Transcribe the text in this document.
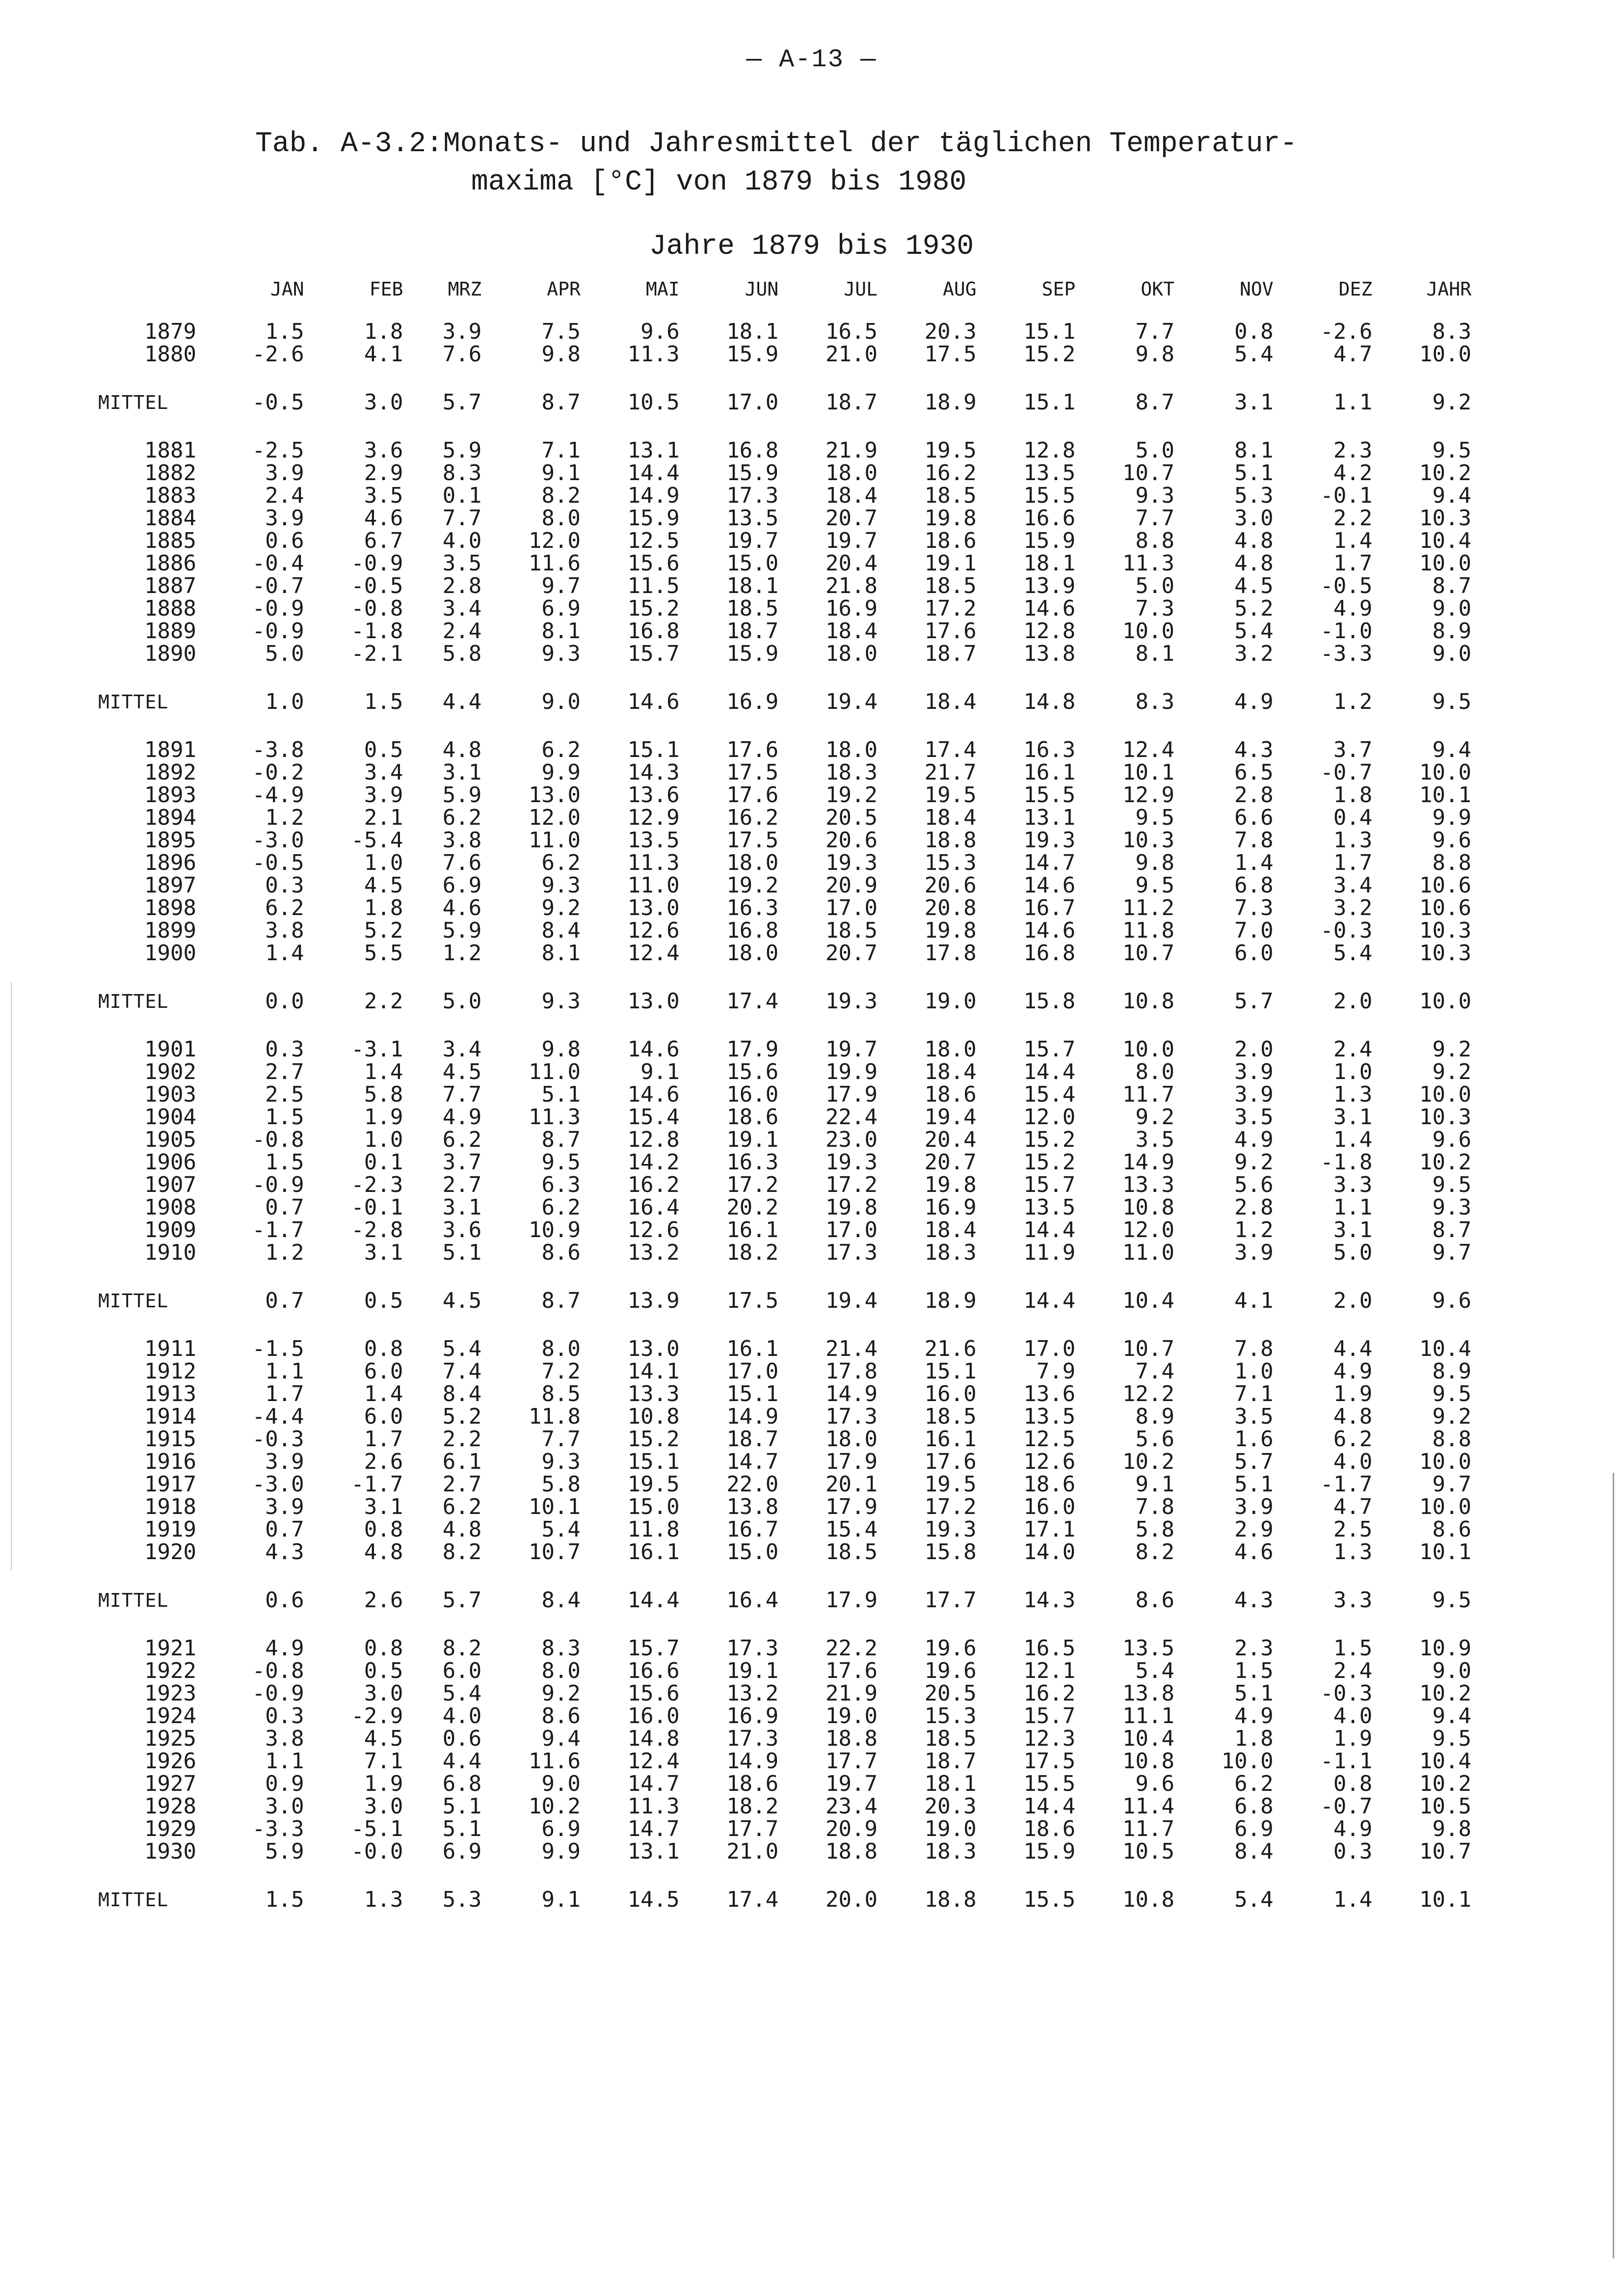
— A-13 —
Tab. A-3.2:Monats- und Jahresmittel der täglichen Temperatur-
maxima [°C] von 1879 bis 1980
Jahre 1879 bis 1930
	JAN	FEB	MRZ	APR	MAI	JUN	JUL	AUG	SEP	OKT	NOV	DEZ	JAHR
1879	1.5	1.8	3.9	7.5	9.6	18.1	16.5	20.3	15.1	7.7	0.8	-2.6	8.3
1880	-2.6	4.1	7.6	9.8	11.3	15.9	21.0	17.5	15.2	9.8	5.4	4.7	10.0

MITTEL	-0.5	3.0	5.7	8.7	10.5	17.0	18.7	18.9	15.1	8.7	3.1	1.1	9.2

1881	-2.5	3.6	5.9	7.1	13.1	16.8	21.9	19.5	12.8	5.0	8.1	2.3	9.5
1882	3.9	2.9	8.3	9.1	14.4	15.9	18.0	16.2	13.5	10.7	5.1	4.2	10.2
1883	2.4	3.5	0.1	8.2	14.9	17.3	18.4	18.5	15.5	9.3	5.3	-0.1	9.4
1884	3.9	4.6	7.7	8.0	15.9	13.5	20.7	19.8	16.6	7.7	3.0	2.2	10.3
1885	0.6	6.7	4.0	12.0	12.5	19.7	19.7	18.6	15.9	8.8	4.8	1.4	10.4
1886	-0.4	-0.9	3.5	11.6	15.6	15.0	20.4	19.1	18.1	11.3	4.8	1.7	10.0
1887	-0.7	-0.5	2.8	9.7	11.5	18.1	21.8	18.5	13.9	5.0	4.5	-0.5	8.7
1888	-0.9	-0.8	3.4	6.9	15.2	18.5	16.9	17.2	14.6	7.3	5.2	4.9	9.0
1889	-0.9	-1.8	2.4	8.1	16.8	18.7	18.4	17.6	12.8	10.0	5.4	-1.0	8.9
1890	5.0	-2.1	5.8	9.3	15.7	15.9	18.0	18.7	13.8	8.1	3.2	-3.3	9.0

MITTEL	1.0	1.5	4.4	9.0	14.6	16.9	19.4	18.4	14.8	8.3	4.9	1.2	9.5

1891	-3.8	0.5	4.8	6.2	15.1	17.6	18.0	17.4	16.3	12.4	4.3	3.7	9.4
1892	-0.2	3.4	3.1	9.9	14.3	17.5	18.3	21.7	16.1	10.1	6.5	-0.7	10.0
1893	-4.9	3.9	5.9	13.0	13.6	17.6	19.2	19.5	15.5	12.9	2.8	1.8	10.1
1894	1.2	2.1	6.2	12.0	12.9	16.2	20.5	18.4	13.1	9.5	6.6	0.4	9.9
1895	-3.0	-5.4	3.8	11.0	13.5	17.5	20.6	18.8	19.3	10.3	7.8	1.3	9.6
1896	-0.5	1.0	7.6	6.2	11.3	18.0	19.3	15.3	14.7	9.8	1.4	1.7	8.8
1897	0.3	4.5	6.9	9.3	11.0	19.2	20.9	20.6	14.6	9.5	6.8	3.4	10.6
1898	6.2	1.8	4.6	9.2	13.0	16.3	17.0	20.8	16.7	11.2	7.3	3.2	10.6
1899	3.8	5.2	5.9	8.4	12.6	16.8	18.5	19.8	14.6	11.8	7.0	-0.3	10.3
1900	1.4	5.5	1.2	8.1	12.4	18.0	20.7	17.8	16.8	10.7	6.0	5.4	10.3

MITTEL	0.0	2.2	5.0	9.3	13.0	17.4	19.3	19.0	15.8	10.8	5.7	2.0	10.0

1901	0.3	-3.1	3.4	9.8	14.6	17.9	19.7	18.0	15.7	10.0	2.0	2.4	9.2
1902	2.7	1.4	4.5	11.0	9.1	15.6	19.9	18.4	14.4	8.0	3.9	1.0	9.2
1903	2.5	5.8	7.7	5.1	14.6	16.0	17.9	18.6	15.4	11.7	3.9	1.3	10.0
1904	1.5	1.9	4.9	11.3	15.4	18.6	22.4	19.4	12.0	9.2	3.5	3.1	10.3
1905	-0.8	1.0	6.2	8.7	12.8	19.1	23.0	20.4	15.2	3.5	4.9	1.4	9.6
1906	1.5	0.1	3.7	9.5	14.2	16.3	19.3	20.7	15.2	14.9	9.2	-1.8	10.2
1907	-0.9	-2.3	2.7	6.3	16.2	17.2	17.2	19.8	15.7	13.3	5.6	3.3	9.5
1908	0.7	-0.1	3.1	6.2	16.4	20.2	19.8	16.9	13.5	10.8	2.8	1.1	9.3
1909	-1.7	-2.8	3.6	10.9	12.6	16.1	17.0	18.4	14.4	12.0	1.2	3.1	8.7
1910	1.2	3.1	5.1	8.6	13.2	18.2	17.3	18.3	11.9	11.0	3.9	5.0	9.7

MITTEL	0.7	0.5	4.5	8.7	13.9	17.5	19.4	18.9	14.4	10.4	4.1	2.0	9.6

1911	-1.5	0.8	5.4	8.0	13.0	16.1	21.4	21.6	17.0	10.7	7.8	4.4	10.4
1912	1.1	6.0	7.4	7.2	14.1	17.0	17.8	15.1	7.9	7.4	1.0	4.9	8.9
1913	1.7	1.4	8.4	8.5	13.3	15.1	14.9	16.0	13.6	12.2	7.1	1.9	9.5
1914	-4.4	6.0	5.2	11.8	10.8	14.9	17.3	18.5	13.5	8.9	3.5	4.8	9.2
1915	-0.3	1.7	2.2	7.7	15.2	18.7	18.0	16.1	12.5	5.6	1.6	6.2	8.8
1916	3.9	2.6	6.1	9.3	15.1	14.7	17.9	17.6	12.6	10.2	5.7	4.0	10.0
1917	-3.0	-1.7	2.7	5.8	19.5	22.0	20.1	19.5	18.6	9.1	5.1	-1.7	9.7
1918	3.9	3.1	6.2	10.1	15.0	13.8	17.9	17.2	16.0	7.8	3.9	4.7	10.0
1919	0.7	0.8	4.8	5.4	11.8	16.7	15.4	19.3	17.1	5.8	2.9	2.5	8.6
1920	4.3	4.8	8.2	10.7	16.1	15.0	18.5	15.8	14.0	8.2	4.6	1.3	10.1

MITTEL	0.6	2.6	5.7	8.4	14.4	16.4	17.9	17.7	14.3	8.6	4.3	3.3	9.5

1921	4.9	0.8	8.2	8.3	15.7	17.3	22.2	19.6	16.5	13.5	2.3	1.5	10.9
1922	-0.8	0.5	6.0	8.0	16.6	19.1	17.6	19.6	12.1	5.4	1.5	2.4	9.0
1923	-0.9	3.0	5.4	9.2	15.6	13.2	21.9	20.5	16.2	13.8	5.1	-0.3	10.2
1924	0.3	-2.9	4.0	8.6	16.0	16.9	19.0	15.3	15.7	11.1	4.9	4.0	9.4
1925	3.8	4.5	0.6	9.4	14.8	17.3	18.8	18.5	12.3	10.4	1.8	1.9	9.5
1926	1.1	7.1	4.4	11.6	12.4	14.9	17.7	18.7	17.5	10.8	10.0	-1.1	10.4
1927	0.9	1.9	6.8	9.0	14.7	18.6	19.7	18.1	15.5	9.6	6.2	0.8	10.2
1928	3.0	3.0	5.1	10.2	11.3	18.2	23.4	20.3	14.4	11.4	6.8	-0.7	10.5
1929	-3.3	-5.1	5.1	6.9	14.7	17.7	20.9	19.0	18.6	11.7	6.9	4.9	9.8
1930	5.9	-0.0	6.9	9.9	13.1	21.0	18.8	18.3	15.9	10.5	8.4	0.3	10.7

MITTEL	1.5	1.3	5.3	9.1	14.5	17.4	20.0	18.8	15.5	10.8	5.4	1.4	10.1
